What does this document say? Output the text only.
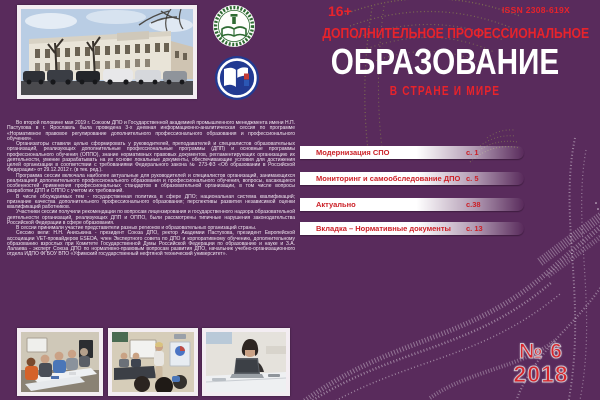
16+	ISSN 2308-619X
ДОПОЛНИТЕЛЬНОЕ ПРОФЕССИОНАЛЬНОЕ
ОБРАЗОВАНИЕ
В СТРАНЕ И МИРЕ

Во второй половине мая 2019 г. Союзом ДПО и Государственной академией промышленного менеджмента имени Н.П. Пастухова в г. Ярославль была проведена 3-х дневная информационно-аналитическая сессия по программе «Нормативное правовое регулирование дополнительного профессионального образования и профессионального обучения».

Организаторы ставили целью сформировать у руководителей, преподавателей и специалистов образовательных организаций, реализующих дополнительные профессиональные программы (ДПП) и основные программы профессионального обучения (ОППО), знание нормативных правовых документов, регламентирующих организацию их деятельности, умение разрабатывать на их основе локальные документы, обеспечивающие условия для достижения целей организации в соответствии с требованиями Федерального закона № 273-ФЗ «Об образовании в Российской Федерации» от 29.12.2012 г. (в тек. ред.).

Программа сессии включала наиболее актуальные для руководителей и специалистов организаций, занимающихся реализацией дополнительного профессионального образования и профессионального обучения, вопросы, касающиеся особенностей применения профессиональных стандартов в образовательной организации, в том числе вопросы разработки ДПП и ОППО с учетом их требований.

В числе обсуждаемых тем - государственная политика в сфере ДПО; национальная система квалификаций; признание качества дополнительного профессионального образования; перспективы развития независимой оценки квалификаций работников.

Участники сессии получили рекомендации по вопросам лицензирования и государственного надзора образовательной деятельности организаций, реализующих ДПП и ОППО, были рассмотрены типичные нарушения законодательства Российской Федерации в сфере образования.

В сессии принимали участие представители разных регионов и образовательных организаций страны.

Сессию вели: Н.Н. Аниськина - президент Союза ДПО, ректор Академии Пастухова, президент Европейской ассоциации VET-провайдеров ESEDA, член Экспертного совета по ДПО и корпоративному обучению, дополнительному образованию взрослых при Комитете Государственной Думы Российской Федерации по образованию и науке и З.А. Лалаева - эксперт Союза ДПО по нормативно-правовым вопросам развития ДПО, начальник учебно-организационного отдела ИДПО ФГБОУ ВПО «Уфимский государственный нефтяной технический университет».

Модернизация СПО	с. 1
Мониторинг и самообследование ДПО с. 5
Актуально	с.38
Вкладка – Нормативные документы с. 13
№ 6
2018
